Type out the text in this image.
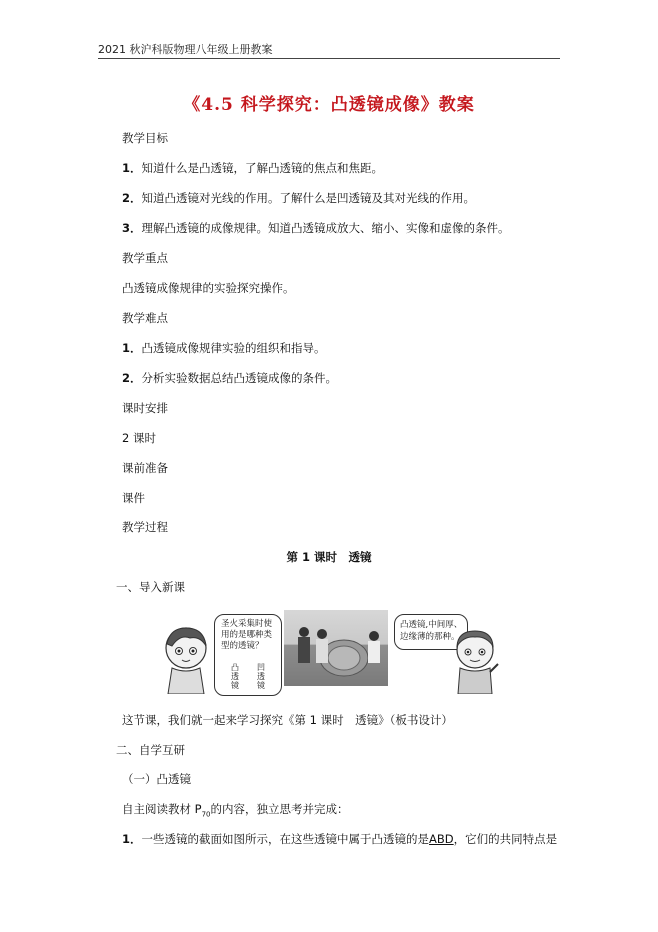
2021 秋沪科版物理八年级上册教案
《4.5 科学探究：凸透镜成像》教案
教学目标
1．知道什么是凸透镜，了解凸透镜的焦点和焦距。
2．知道凸透镜对光线的作用。了解什么是凹透镜及其对光线的作用。
3．理解凸透镜的成像规律。知道凸透镜成放大、缩小、实像和虚像的条件。
教学重点
凸透镜成像规律的实验探究操作。
教学难点
1．凸透镜成像规律实验的组织和指导。
2．分析实验数据总结凸透镜成像的条件。
课时安排
2 课时
课前准备
课件
教学过程
第 1 课时　透镜
一、导入新课
圣火采集时使用的是哪种类型的透镜？
凸透镜
凹透镜
凸透镜,中间厚、边缘薄的那种。
这节课，我们就一起来学习探究《第 1 课时　透镜》（板书设计）
二、自学互研
（一）凸透镜
自主阅读教材 $P_{70}$的内容，独立思考并完成：
1．一些透镜的截面如图所示，在这些透镜中属于凸透镜的是ABD，它们的共同特点是
